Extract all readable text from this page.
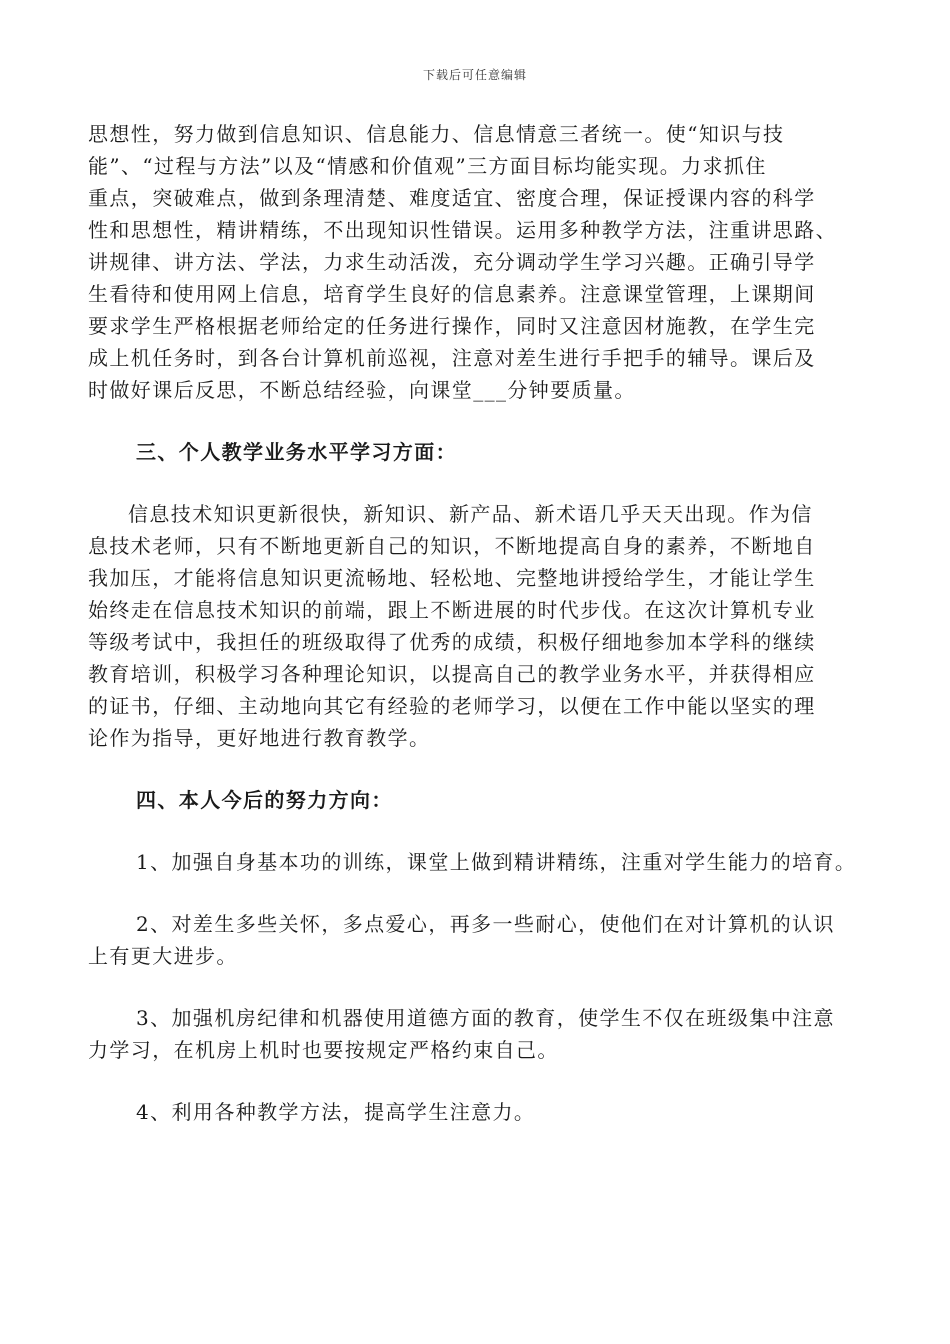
下载后可任意编辑
思想性，努力做到信息知识、信息能力、信息情意三者统一。使“知识与技
能”、“过程与方法”以及“情感和价值观”三方面目标均能实现。力求抓住
重点，突破难点，做到条理清楚、难度适宜、密度合理，保证授课内容的科学
性和思想性，精讲精练，不出现知识性错误。运用多种教学方法，注重讲思路、
讲规律、讲方法、学法，力求生动活泼，充分调动学生学习兴趣。正确引导学
生看待和使用网上信息，培育学生良好的信息素养。注意课堂管理，上课期间
要求学生严格根据老师给定的任务进行操作，同时又注意因材施教，在学生完
成上机任务时，到各台计算机前巡视，注意对差生进行手把手的辅导。课后及
时做好课后反思，不断总结经验，向课堂___分钟要质量。
三、个人教学业务水平学习方面：
信息技术知识更新很快，新知识、新产品、新术语几乎天天出现。作为信
息技术老师，只有不断地更新自己的知识，不断地提高自身的素养，不断地自
我加压，才能将信息知识更流畅地、轻松地、完整地讲授给学生，才能让学生
始终走在信息技术知识的前端，跟上不断进展的时代步伐。在这次计算机专业
等级考试中，我担任的班级取得了优秀的成绩，积极仔细地参加本学科的继续
教育培训，积极学习各种理论知识，以提高自己的教学业务水平，并获得相应
的证书，仔细、主动地向其它有经验的老师学习，以便在工作中能以坚实的理
论作为指导，更好地进行教育教学。
四、本人今后的努力方向：
1、加强自身基本功的训练，课堂上做到精讲精练，注重对学生能力的培育。
2、对差生多些关怀，多点爱心，再多一些耐心，使他们在对计算机的认识
上有更大进步。
3、加强机房纪律和机器使用道德方面的教育，使学生不仅在班级集中注意
力学习，在机房上机时也要按规定严格约束自己。
4、利用各种教学方法，提高学生注意力。
